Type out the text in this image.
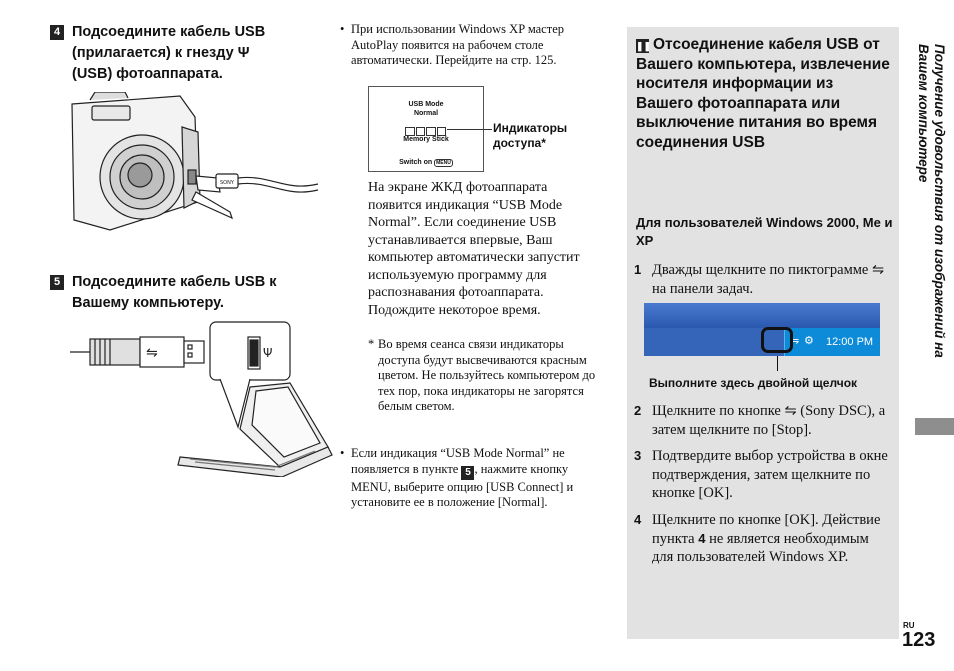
4 Подсоедините кабель USB
(прилагается) к гнезду Ψ
(USB) фотоаппарата.
SONY
5 Подсоедините кабель USB к
Вашему компьютеру.
⇋	Ψ
• При использовании Windows XP мастер AutoPlay появится на рабочем столе автоматически. Перейдите на стр. 125.
USB Mode
Normal
Memory Stick
Switch on MENU
Индикаторы
доступа*
На экране ЖКД фотоаппарата появится индикация “USB Mode Normal”. Если соединение USB устанавливается впервые, Ваш компьютер автоматически запустит используемую программу для распознавания фотоаппарата. Подождите некоторое время.
* Во время сеанса связи индикаторы доступа будут высвечиваются красным цветом. Не пользуйтесь компьютером до тех пор, пока индикаторы не загорятся белым светом.
• Если индикация “USB Mode Normal” не появляется в пункте 5 , нажмите кнопку MENU, выберите опцию [USB Connect] и установите ее в положение [Normal].
❚❚ Отсоединение кабеля USB от Вашего компьютера, извлечение носителя информации из Вашего фотоаппарата или выключение питания во время соединения USB
Для пользователей Windows 2000, Me и XP
1 Дважды щелкните по пиктограмме ⇋ на панели задач.
⇋ ⚙ 12:00 PM
Выполните здесь двойной щелчок
2 Щелкните по кнопке ⇋ (Sony DSC), а затем щелкните по [Stop].
3 Подтвердите выбор устройства в окне подтверждения, затем щелкните по кнопке [OK].
4 Щелкните по кнопке [OK]. Действие пункта 4 не является необходимым для пользователей Windows XP.
Получение удовольствия от изображений на Вашем компьютере
RU
123
